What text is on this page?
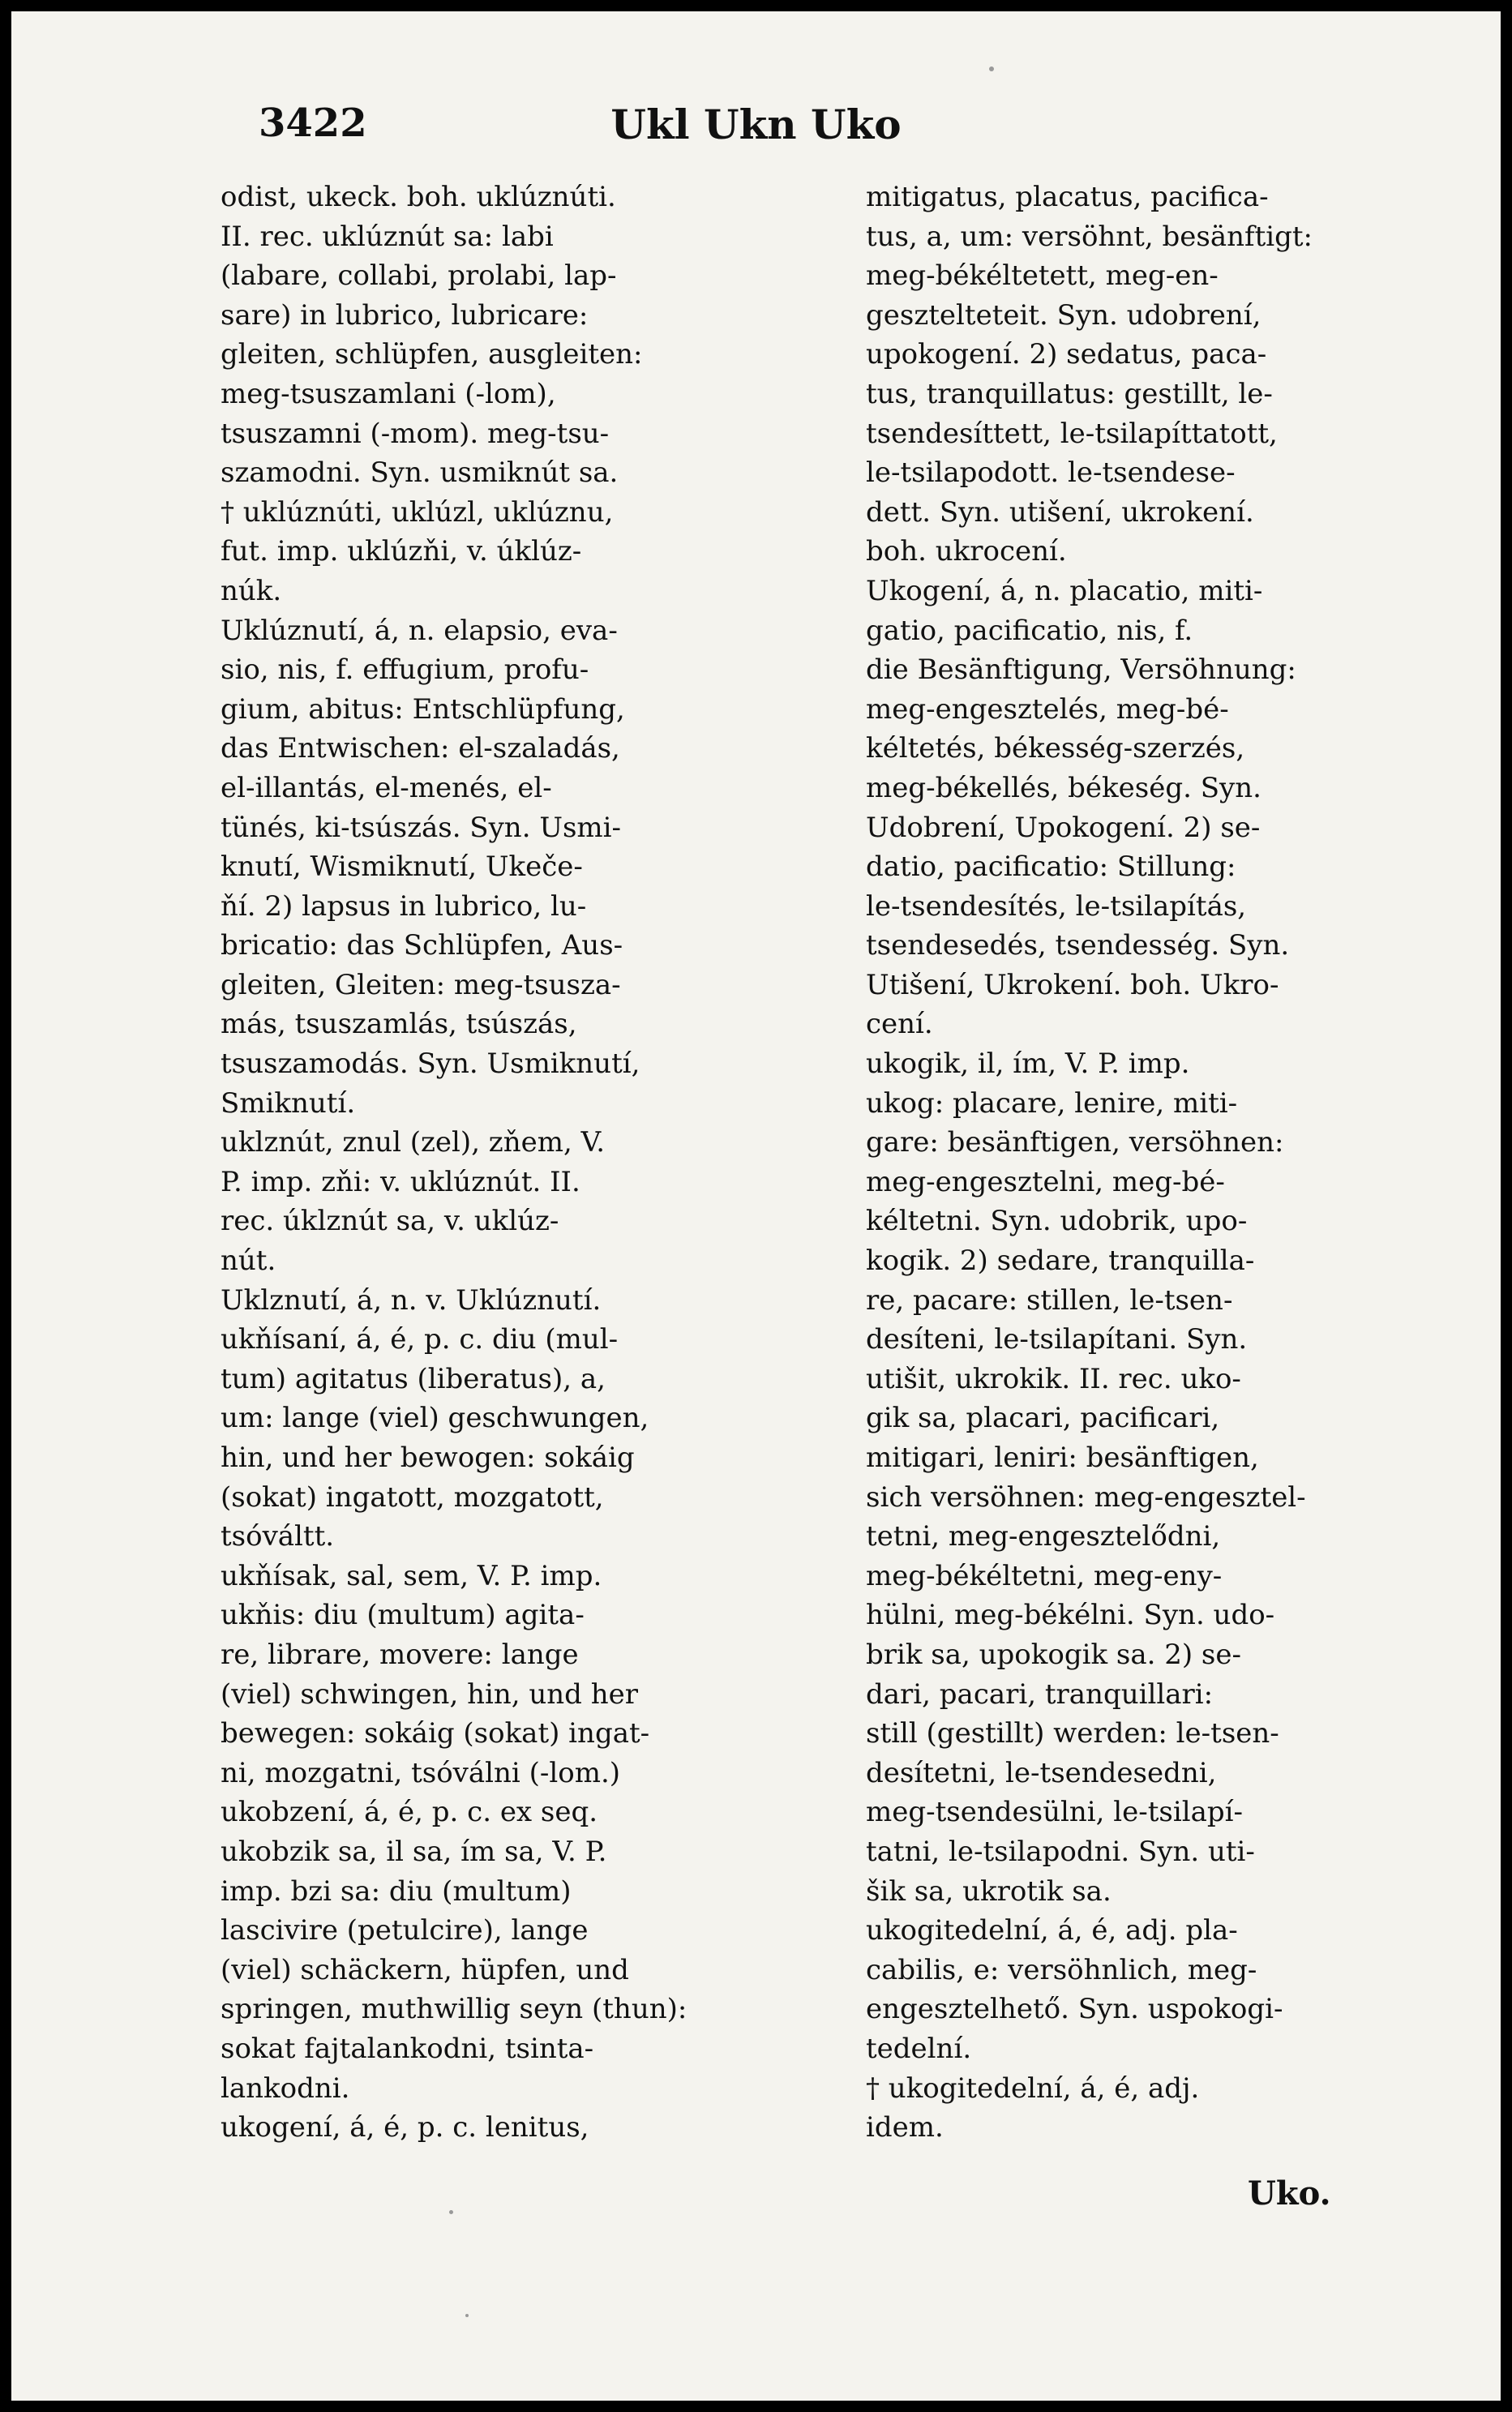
3422	Ukl Ukn Uko
odist, ukeck. boh. uklúznúti.
II. rec. uklúznút sa: labi
(labare, collabi, prolabi, lap-
sare) in lubrico, lubricare:
gleiten, schlüpfen, ausgleiten:
meg-tsuszamlani (-lom),
tsuszamni (-mom). meg-tsu-
szamodni. Syn. usmiknút sa.
† uklúznúti, uklúzl, uklúznu,
fut. imp. uklúzňi, v. úklúz-
núk.
Uklúznutí, á, n. elapsio, eva-
sio, nis, f. effugium, profu-
gium, abitus: Entschlüpfung,
das Entwischen: el-szaladás,
el-illantás, el-menés, el-
tünés, ki-tsúszás. Syn. Usmi-
knutí, Wismiknutí, Ukeče-
ňí. 2) lapsus in lubrico, lu-
bricatio: das Schlüpfen, Aus-
gleiten, Gleiten: meg-tsusza-
más, tsuszamlás, tsúszás,
tsuszamodás. Syn. Usmiknutí,
Smiknutí.
uklznút, znul (zel), zňem, V.
P. imp. zňi: v. uklúznút. II.
rec. úklznút sa, v. uklúz-
nút.
Uklznutí, á, n. v. Uklúznutí.
ukňísaní, á, é, p. c. diu (mul-
tum) agitatus (liberatus), a,
um: lange (viel) geschwungen,
hin, und her bewogen: sokáig
(sokat) ingatott, mozgatott,
tsóváltt.
ukňísak, sal, sem, V. P. imp.
ukňis: diu (multum) agita-
re, librare, movere: lange
(viel) schwingen, hin, und her
bewegen: sokáig (sokat) ingat-
ni, mozgatni, tsóválni (-lom.)
ukobzení, á, é, p. c. ex seq.
ukobzik sa, il sa, ím sa, V. P.
imp. bzi sa: diu (multum)
lascivire (petulcire), lange
(viel) schäckern, hüpfen, und
springen, muthwillig seyn (thun):
sokat fajtalankodni, tsinta-
lankodni.
ukogení, á, é, p. c. lenitus,
mitigatus, placatus, pacifica-
tus, a, um: versöhnt, besänftigt:
meg-békéltetett, meg-en-
gesztelteteit. Syn. udobrení,
upokogení. 2) sedatus, paca-
tus, tranquillatus: gestillt, le-
tsendesíttett, le-tsilapíttatott,
le-tsilapodott. le-tsendese-
dett. Syn. utišení, ukrokení.
boh. ukrocení.
Ukogení, á, n. placatio, miti-
gatio, pacificatio, nis, f.
die Besänftigung, Versöhnung:
meg-engesztelés, meg-bé-
kéltetés, békesség-szerzés,
meg-békellés, békeség. Syn.
Udobrení, Upokogení. 2) se-
datio, pacificatio: Stillung:
le-tsendesítés, le-tsilapítás,
tsendesedés, tsendesség. Syn.
Utišení, Ukrokení. boh. Ukro-
cení.
ukogik, il, ím, V. P. imp.
ukog: placare, lenire, miti-
gare: besänftigen, versöhnen:
meg-engesztelni, meg-bé-
kéltetni. Syn. udobrik, upo-
kogik. 2) sedare, tranquilla-
re, pacare: stillen, le-tsen-
desíteni, le-tsilapítani. Syn.
utišit, ukrokik. II. rec. uko-
gik sa, placari, pacificari,
mitigari, leniri: besänftigen,
sich versöhnen: meg-engesztel-
tetni, meg-engesztelődni,
meg-békéltetni, meg-eny-
hülni, meg-békélni. Syn. udo-
brik sa, upokogik sa. 2) se-
dari, pacari, tranquillari:
still (gestillt) werden: le-tsen-
desítetni, le-tsendesedni,
meg-tsendesülni, le-tsilapí-
tatni, le-tsilapodni. Syn. uti-
šik sa, ukrotik sa.
ukogitedelní, á, é, adj. pla-
cabilis, e: versöhnlich, meg-
engesztelhető. Syn. uspokogi-
tedelní.
† ukogitedelní, á, é, adj.
idem.
Uko.
